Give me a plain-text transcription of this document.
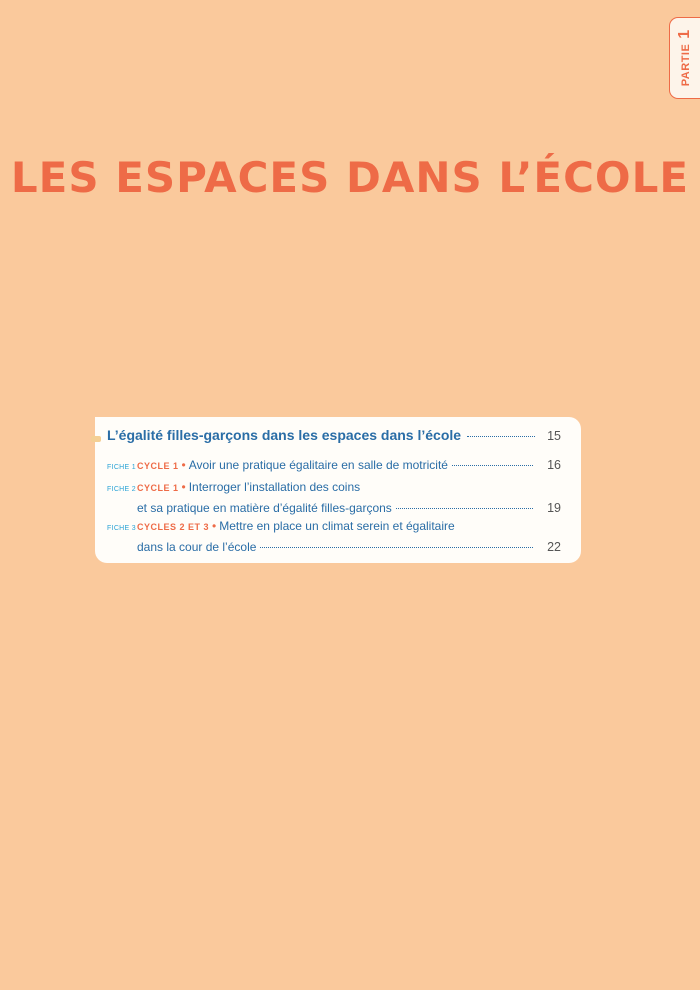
PARTIE
1
LES ESPACES DANS L’ÉCOLE
L’égalité filles-garçons dans les espaces dans l’école	15
FICHE 1 CYCLE 1 • Avoir une pratique égalitaire en salle de motricité	16
FICHE 2 CYCLE 1 • Interroger l’installation des coins
et sa pratique en matière d’égalité filles-garçons	19
FICHE 3 CYCLES 2 ET 3 • Mettre en place un climat serein et égalitaire
dans la cour de l’école	22
